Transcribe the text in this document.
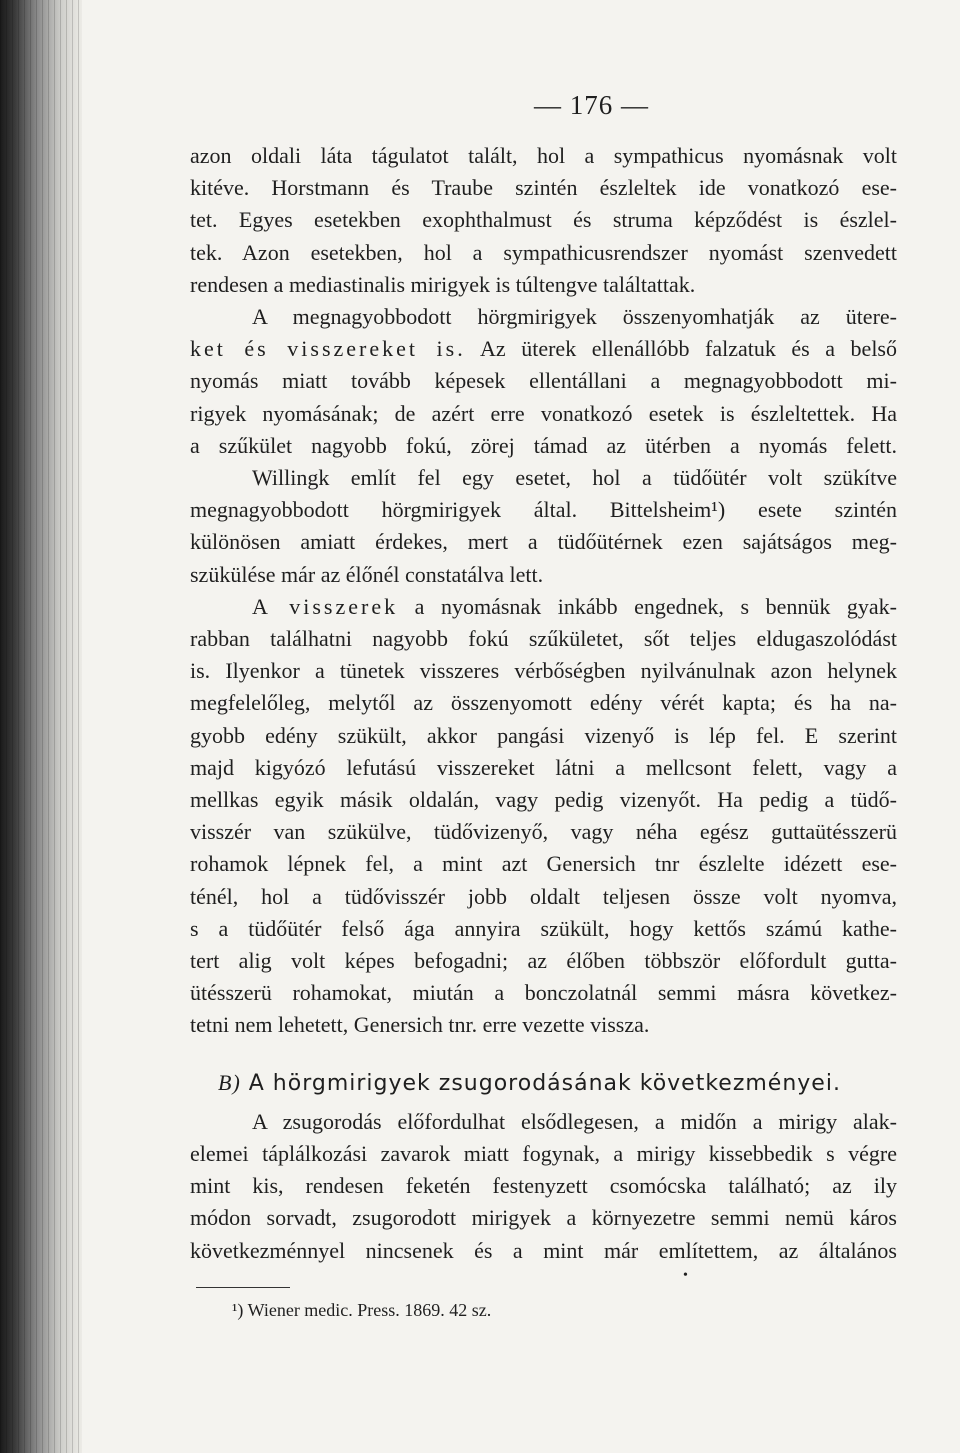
— 176 —
azon oldali láta tágulatot talált, hol a sympathicus nyomásnak volt
kitéve. Horstmann és Traube szintén észleltek ide vonatkozó ese-
tet. Egyes esetekben exophthalmust és struma képződést is észlel-
tek. Azon esetekben, hol a sympathicusrendszer nyomást szenvedett
rendesen a mediastinalis mirigyek is túltengve találtattak.
A megnagyobbodott hörgmirigyek összenyomhatják az ütere-
ket és visszereket is. Az üterek ellenállóbb falzatuk és a belső
nyomás miatt tovább képesek ellentállani a megnagyobbodott mi-
rigyek nyomásának; de azért erre vonatkozó esetek is észleltettek. Ha
a szűkület nagyobb fokú, zörej támad az ütérben a nyomás felett.
Willingk említ fel egy esetet, hol a tüdőütér volt szükítve
megnagyobbodott hörgmirigyek által. Bittelsheim¹) esete szintén
különösen amiatt érdekes, mert a tüdőütérnek ezen sajátságos meg-
szükülése már az élőnél constatálva lett.
A visszerek a nyomásnak inkább engednek, s bennük gyak-
rabban találhatni nagyobb fokú szűkületet, sőt teljes eldugaszolódást
is. Ilyenkor a tünetek visszeres vérbőségben nyilvánulnak azon helynek
megfelelőleg, melytől az összenyomott edény vérét kapta; és ha na-
gyobb edény szükült, akkor pangási vizenyő is lép fel. E szerint
majd kigyózó lefutású visszereket látni a mellcsont felett, vagy a
mellkas egyik másik oldalán, vagy pedig vizenyőt. Ha pedig a tüdő-
visszér van szükülve, tüdővizenyő, vagy néha egész guttaütésszerü
rohamok lépnek fel, a mint azt Genersich tnr észlelte idézett ese-
ténél, hol a tüdővisszér jobb oldalt teljesen össze volt nyomva,
s a tüdőütér felső ága annyira szükült, hogy kettős számú kathe-
tert alig volt képes befogadni; az élőben többször előfordult gutta-
ütésszerü rohamokat, miután a bonczolatnál semmi másra következ-
tetni nem lehetett, Genersich tnr. erre vezette vissza.
B) A hörgmirigyek zsugorodásának következményei.
A zsugorodás előfordulhat elsődlegesen, a midőn a mirigy alak-
elemei táplálkozási zavarok miatt fogynak, a mirigy kissebbedik s végre
mint kis, rendesen feketén festenyzett csomócska található; az ily
módon sorvadt, zsugorodott mirigyek a környezetre semmi nemü káros
következménnyel nincsenek és a mint már említettem, az általános
¹) Wiener medic. Press. 1869. 42 sz.
•
